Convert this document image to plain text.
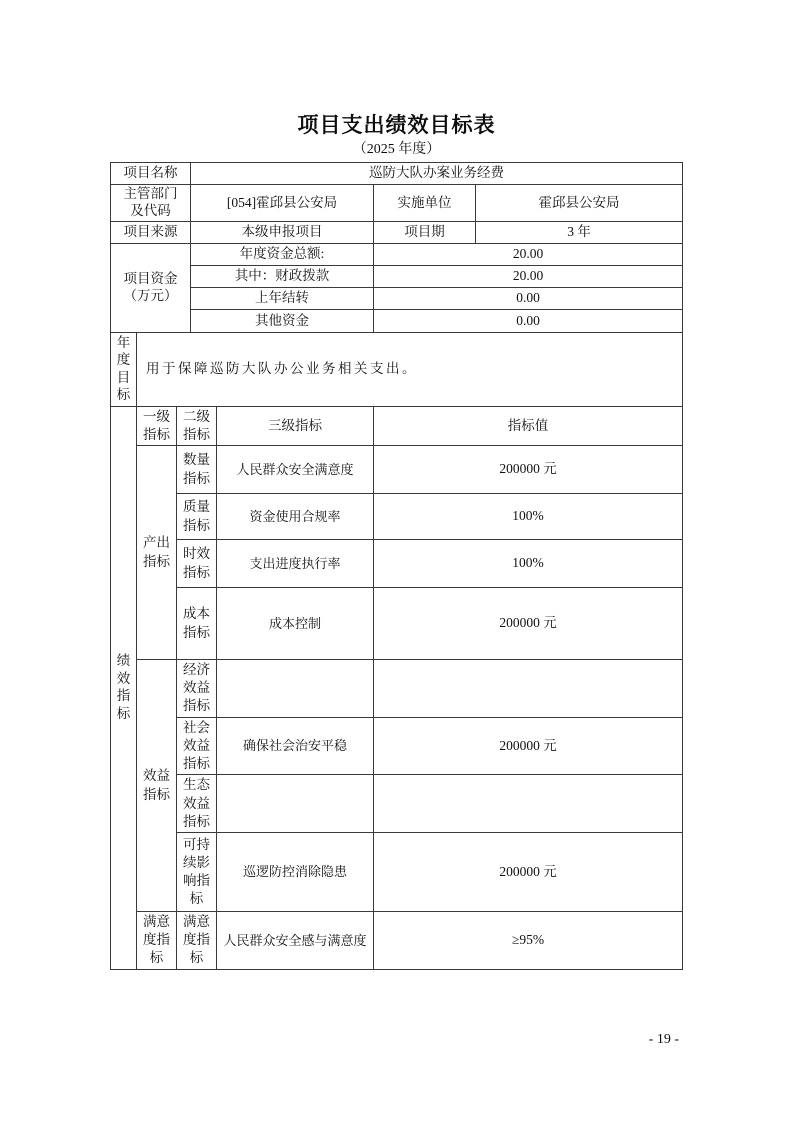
项目支出绩效目标表
（2025 年度）
项目名称			巡防大队办案业务经费			

主管部门
及代码			[054]霍邱县公安局		实施单位	霍邱县公安局
项目来源			本级申报项目		项目期	3 年

项目资金
（万元）			年度资金总额:		20.00	
			其中：财政拨款		20.00	
			上年结转		0.00	
			其他资金		0.00	
年度目标	用于保障巡防大队办公业务相关支出。					
绩效指标	一级指标	二级指标		三级指标	指标值	
	产出指标	数量指标		人民群众安全满意度	200000 元	
		质量指标		资金使用合规率	100%	
		时效指标		支出进度执行率	100%	
		成本指标		成本控制	200000 元	
	效益指标	经济效益指标				
		社会效益指标		确保社会治安平稳	200000 元	
		生态效益指标				
		可持续影响指标		巡逻防控消除隐患	200000 元	
	满意度指标	满意度指标		人民群众安全感与满意度	≥95%	
- 19 -
